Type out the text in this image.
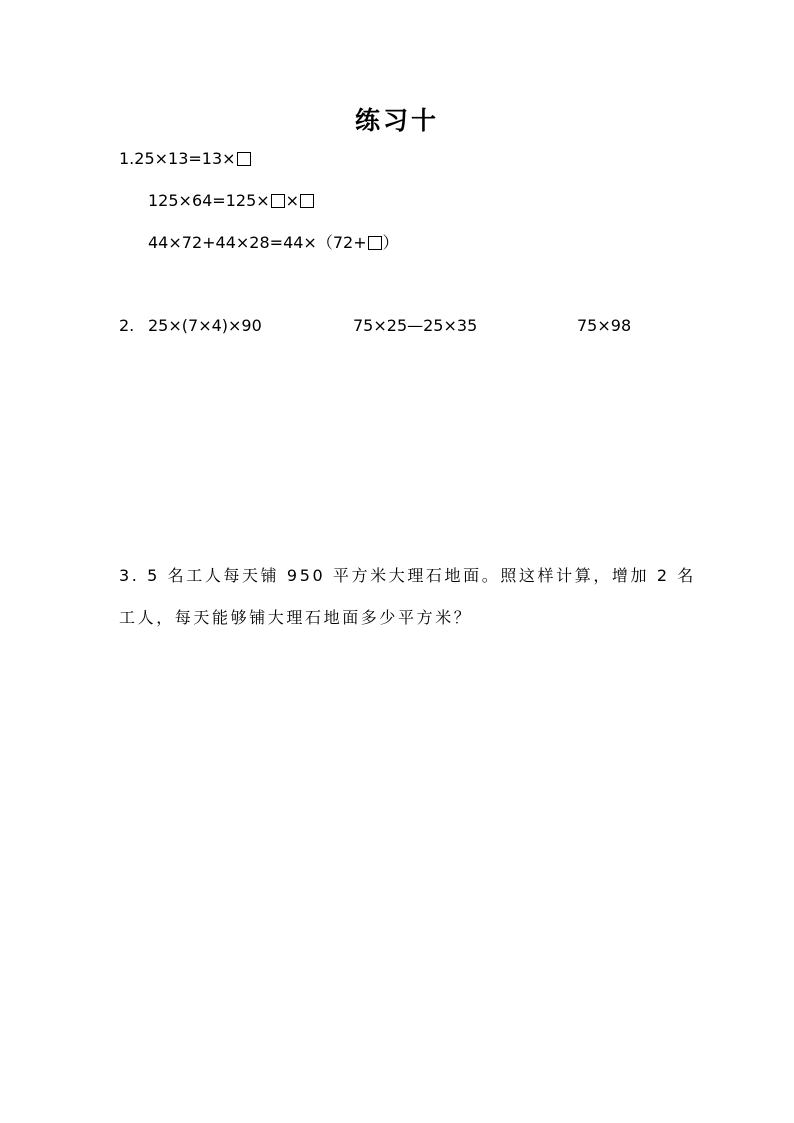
练习十
1.25×13=13×
125×64=125× ×
44×72+44×28=44×（72+ ）
2. 25×(7×4)×90	75×25—25×35	75×98
3. 5 名工人每天铺 950 平方米大理石地面。照这样计算，增加 2 名
工人，每天能够铺大理石地面多少平方米？
